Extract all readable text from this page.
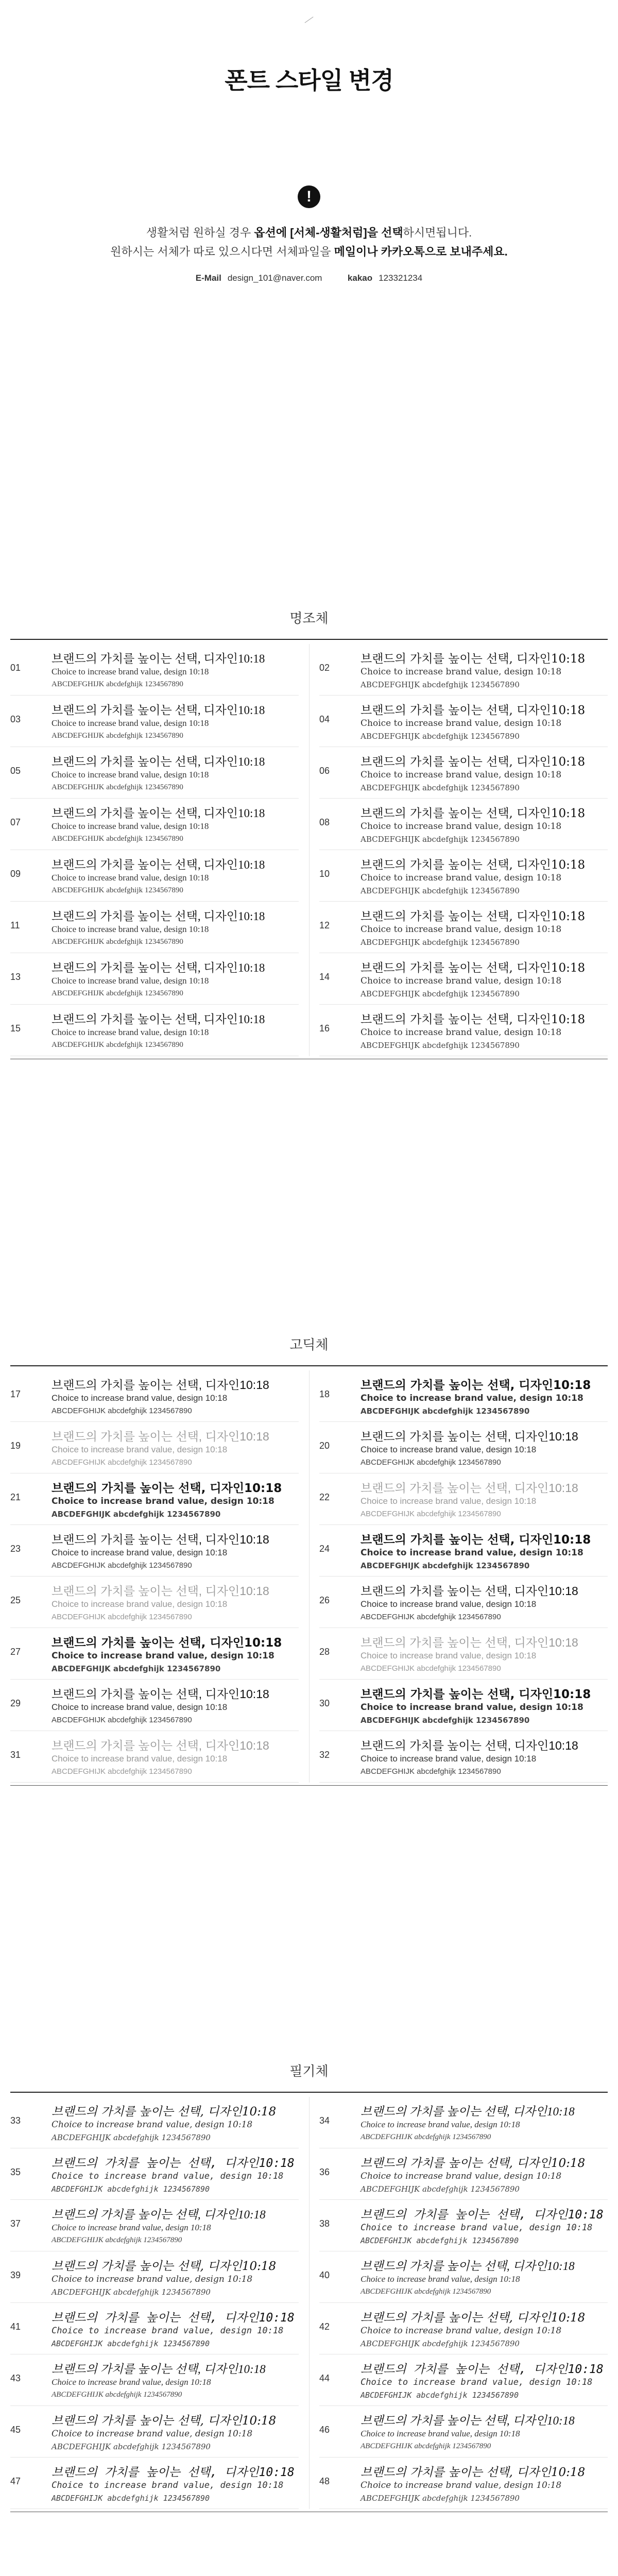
폰트 스타일 변경
!

생활처럼 원하실 경우 옵션에 [서체-생활처럼]을 선택하시면됩니다.

원하시는 서체가 따로 있으시다면 서체파일을 메일이나 카카오톡으로 보내주세요.

E-Mail design_101@naver.com	kakao 123321234
명조체
01
브랜드의 가치를 높이는 선택, 디자인10:18
Choice to increase brand value, design 10:18
ABCDEFGHIJK abcdefghijk 1234567890
02
브랜드의 가치를 높이는 선택, 디자인10:18
Choice to increase brand value, design 10:18
ABCDEFGHIJK abcdefghijk 1234567890
03
브랜드의 가치를 높이는 선택, 디자인10:18
Choice to increase brand value, design 10:18
ABCDEFGHIJK abcdefghijk 1234567890
04
브랜드의 가치를 높이는 선택, 디자인10:18
Choice to increase brand value, design 10:18
ABCDEFGHIJK abcdefghijk 1234567890
05
브랜드의 가치를 높이는 선택, 디자인10:18
Choice to increase brand value, design 10:18
ABCDEFGHIJK abcdefghijk 1234567890
06
브랜드의 가치를 높이는 선택, 디자인10:18
Choice to increase brand value, design 10:18
ABCDEFGHIJK abcdefghijk 1234567890
07
브랜드의 가치를 높이는 선택, 디자인10:18
Choice to increase brand value, design 10:18
ABCDEFGHIJK abcdefghijk 1234567890
08
브랜드의 가치를 높이는 선택, 디자인10:18
Choice to increase brand value, design 10:18
ABCDEFGHIJK abcdefghijk 1234567890
09
브랜드의 가치를 높이는 선택, 디자인10:18
Choice to increase brand value, design 10:18
ABCDEFGHIJK abcdefghijk 1234567890
10
브랜드의 가치를 높이는 선택, 디자인10:18
Choice to increase brand value, design 10:18
ABCDEFGHIJK abcdefghijk 1234567890
11
브랜드의 가치를 높이는 선택, 디자인10:18
Choice to increase brand value, design 10:18
ABCDEFGHIJK abcdefghijk 1234567890
12
브랜드의 가치를 높이는 선택, 디자인10:18
Choice to increase brand value, design 10:18
ABCDEFGHIJK abcdefghijk 1234567890
13
브랜드의 가치를 높이는 선택, 디자인10:18
Choice to increase brand value, design 10:18
ABCDEFGHIJK abcdefghijk 1234567890
14
브랜드의 가치를 높이는 선택, 디자인10:18
Choice to increase brand value, design 10:18
ABCDEFGHIJK abcdefghijk 1234567890
15
브랜드의 가치를 높이는 선택, 디자인10:18
Choice to increase brand value, design 10:18
ABCDEFGHIJK abcdefghijk 1234567890
16
브랜드의 가치를 높이는 선택, 디자인10:18
Choice to increase brand value, design 10:18
ABCDEFGHIJK abcdefghijk 1234567890
고딕체
17
브랜드의 가치를 높이는 선택, 디자인10:18
Choice to increase brand value, design 10:18
ABCDEFGHIJK abcdefghijk 1234567890
18
브랜드의 가치를 높이는 선택, 디자인10:18
Choice to increase brand value, design 10:18
ABCDEFGHIJK abcdefghijk 1234567890
19
브랜드의 가치를 높이는 선택, 디자인10:18
Choice to increase brand value, design 10:18
ABCDEFGHIJK abcdefghijk 1234567890
20
브랜드의 가치를 높이는 선택, 디자인10:18
Choice to increase brand value, design 10:18
ABCDEFGHIJK abcdefghijk 1234567890
21
브랜드의 가치를 높이는 선택, 디자인10:18
Choice to increase brand value, design 10:18
ABCDEFGHIJK abcdefghijk 1234567890
22
브랜드의 가치를 높이는 선택, 디자인10:18
Choice to increase brand value, design 10:18
ABCDEFGHIJK abcdefghijk 1234567890
23
브랜드의 가치를 높이는 선택, 디자인10:18
Choice to increase brand value, design 10:18
ABCDEFGHIJK abcdefghijk 1234567890
24
브랜드의 가치를 높이는 선택, 디자인10:18
Choice to increase brand value, design 10:18
ABCDEFGHIJK abcdefghijk 1234567890
25
브랜드의 가치를 높이는 선택, 디자인10:18
Choice to increase brand value, design 10:18
ABCDEFGHIJK abcdefghijk 1234567890
26
브랜드의 가치를 높이는 선택, 디자인10:18
Choice to increase brand value, design 10:18
ABCDEFGHIJK abcdefghijk 1234567890
27
브랜드의 가치를 높이는 선택, 디자인10:18
Choice to increase brand value, design 10:18
ABCDEFGHIJK abcdefghijk 1234567890
28
브랜드의 가치를 높이는 선택, 디자인10:18
Choice to increase brand value, design 10:18
ABCDEFGHIJK abcdefghijk 1234567890
29
브랜드의 가치를 높이는 선택, 디자인10:18
Choice to increase brand value, design 10:18
ABCDEFGHIJK abcdefghijk 1234567890
30
브랜드의 가치를 높이는 선택, 디자인10:18
Choice to increase brand value, design 10:18
ABCDEFGHIJK abcdefghijk 1234567890
31
브랜드의 가치를 높이는 선택, 디자인10:18
Choice to increase brand value, design 10:18
ABCDEFGHIJK abcdefghijk 1234567890
32
브랜드의 가치를 높이는 선택, 디자인10:18
Choice to increase brand value, design 10:18
ABCDEFGHIJK abcdefghijk 1234567890
필기체
33
브랜드의 가치를 높이는 선택, 디자인10:18
Choice to increase brand value, design 10:18
ABCDEFGHIJK abcdefghijk 1234567890
34
브랜드의 가치를 높이는 선택, 디자인10:18
Choice to increase brand value, design 10:18
ABCDEFGHIJK abcdefghijk 1234567890
35
브랜드의 가치를 높이는 선택, 디자인10:18
Choice to increase brand value, design 10:18
ABCDEFGHIJK abcdefghijk 1234567890
36
브랜드의 가치를 높이는 선택, 디자인10:18
Choice to increase brand value, design 10:18
ABCDEFGHIJK abcdefghijk 1234567890
37
브랜드의 가치를 높이는 선택, 디자인10:18
Choice to increase brand value, design 10:18
ABCDEFGHIJK abcdefghijk 1234567890
38
브랜드의 가치를 높이는 선택, 디자인10:18
Choice to increase brand value, design 10:18
ABCDEFGHIJK abcdefghijk 1234567890
39
브랜드의 가치를 높이는 선택, 디자인10:18
Choice to increase brand value, design 10:18
ABCDEFGHIJK abcdefghijk 1234567890
40
브랜드의 가치를 높이는 선택, 디자인10:18
Choice to increase brand value, design 10:18
ABCDEFGHIJK abcdefghijk 1234567890
41
브랜드의 가치를 높이는 선택, 디자인10:18
Choice to increase brand value, design 10:18
ABCDEFGHIJK abcdefghijk 1234567890
42
브랜드의 가치를 높이는 선택, 디자인10:18
Choice to increase brand value, design 10:18
ABCDEFGHIJK abcdefghijk 1234567890
43
브랜드의 가치를 높이는 선택, 디자인10:18
Choice to increase brand value, design 10:18
ABCDEFGHIJK abcdefghijk 1234567890
44
브랜드의 가치를 높이는 선택, 디자인10:18
Choice to increase brand value, design 10:18
ABCDEFGHIJK abcdefghijk 1234567890
45
브랜드의 가치를 높이는 선택, 디자인10:18
Choice to increase brand value, design 10:18
ABCDEFGHIJK abcdefghijk 1234567890
46
브랜드의 가치를 높이는 선택, 디자인10:18
Choice to increase brand value, design 10:18
ABCDEFGHIJK abcdefghijk 1234567890
47
브랜드의 가치를 높이는 선택, 디자인10:18
Choice to increase brand value, design 10:18
ABCDEFGHIJK abcdefghijk 1234567890
48
브랜드의 가치를 높이는 선택, 디자인10:18
Choice to increase brand value, design 10:18
ABCDEFGHIJK abcdefghijk 1234567890
